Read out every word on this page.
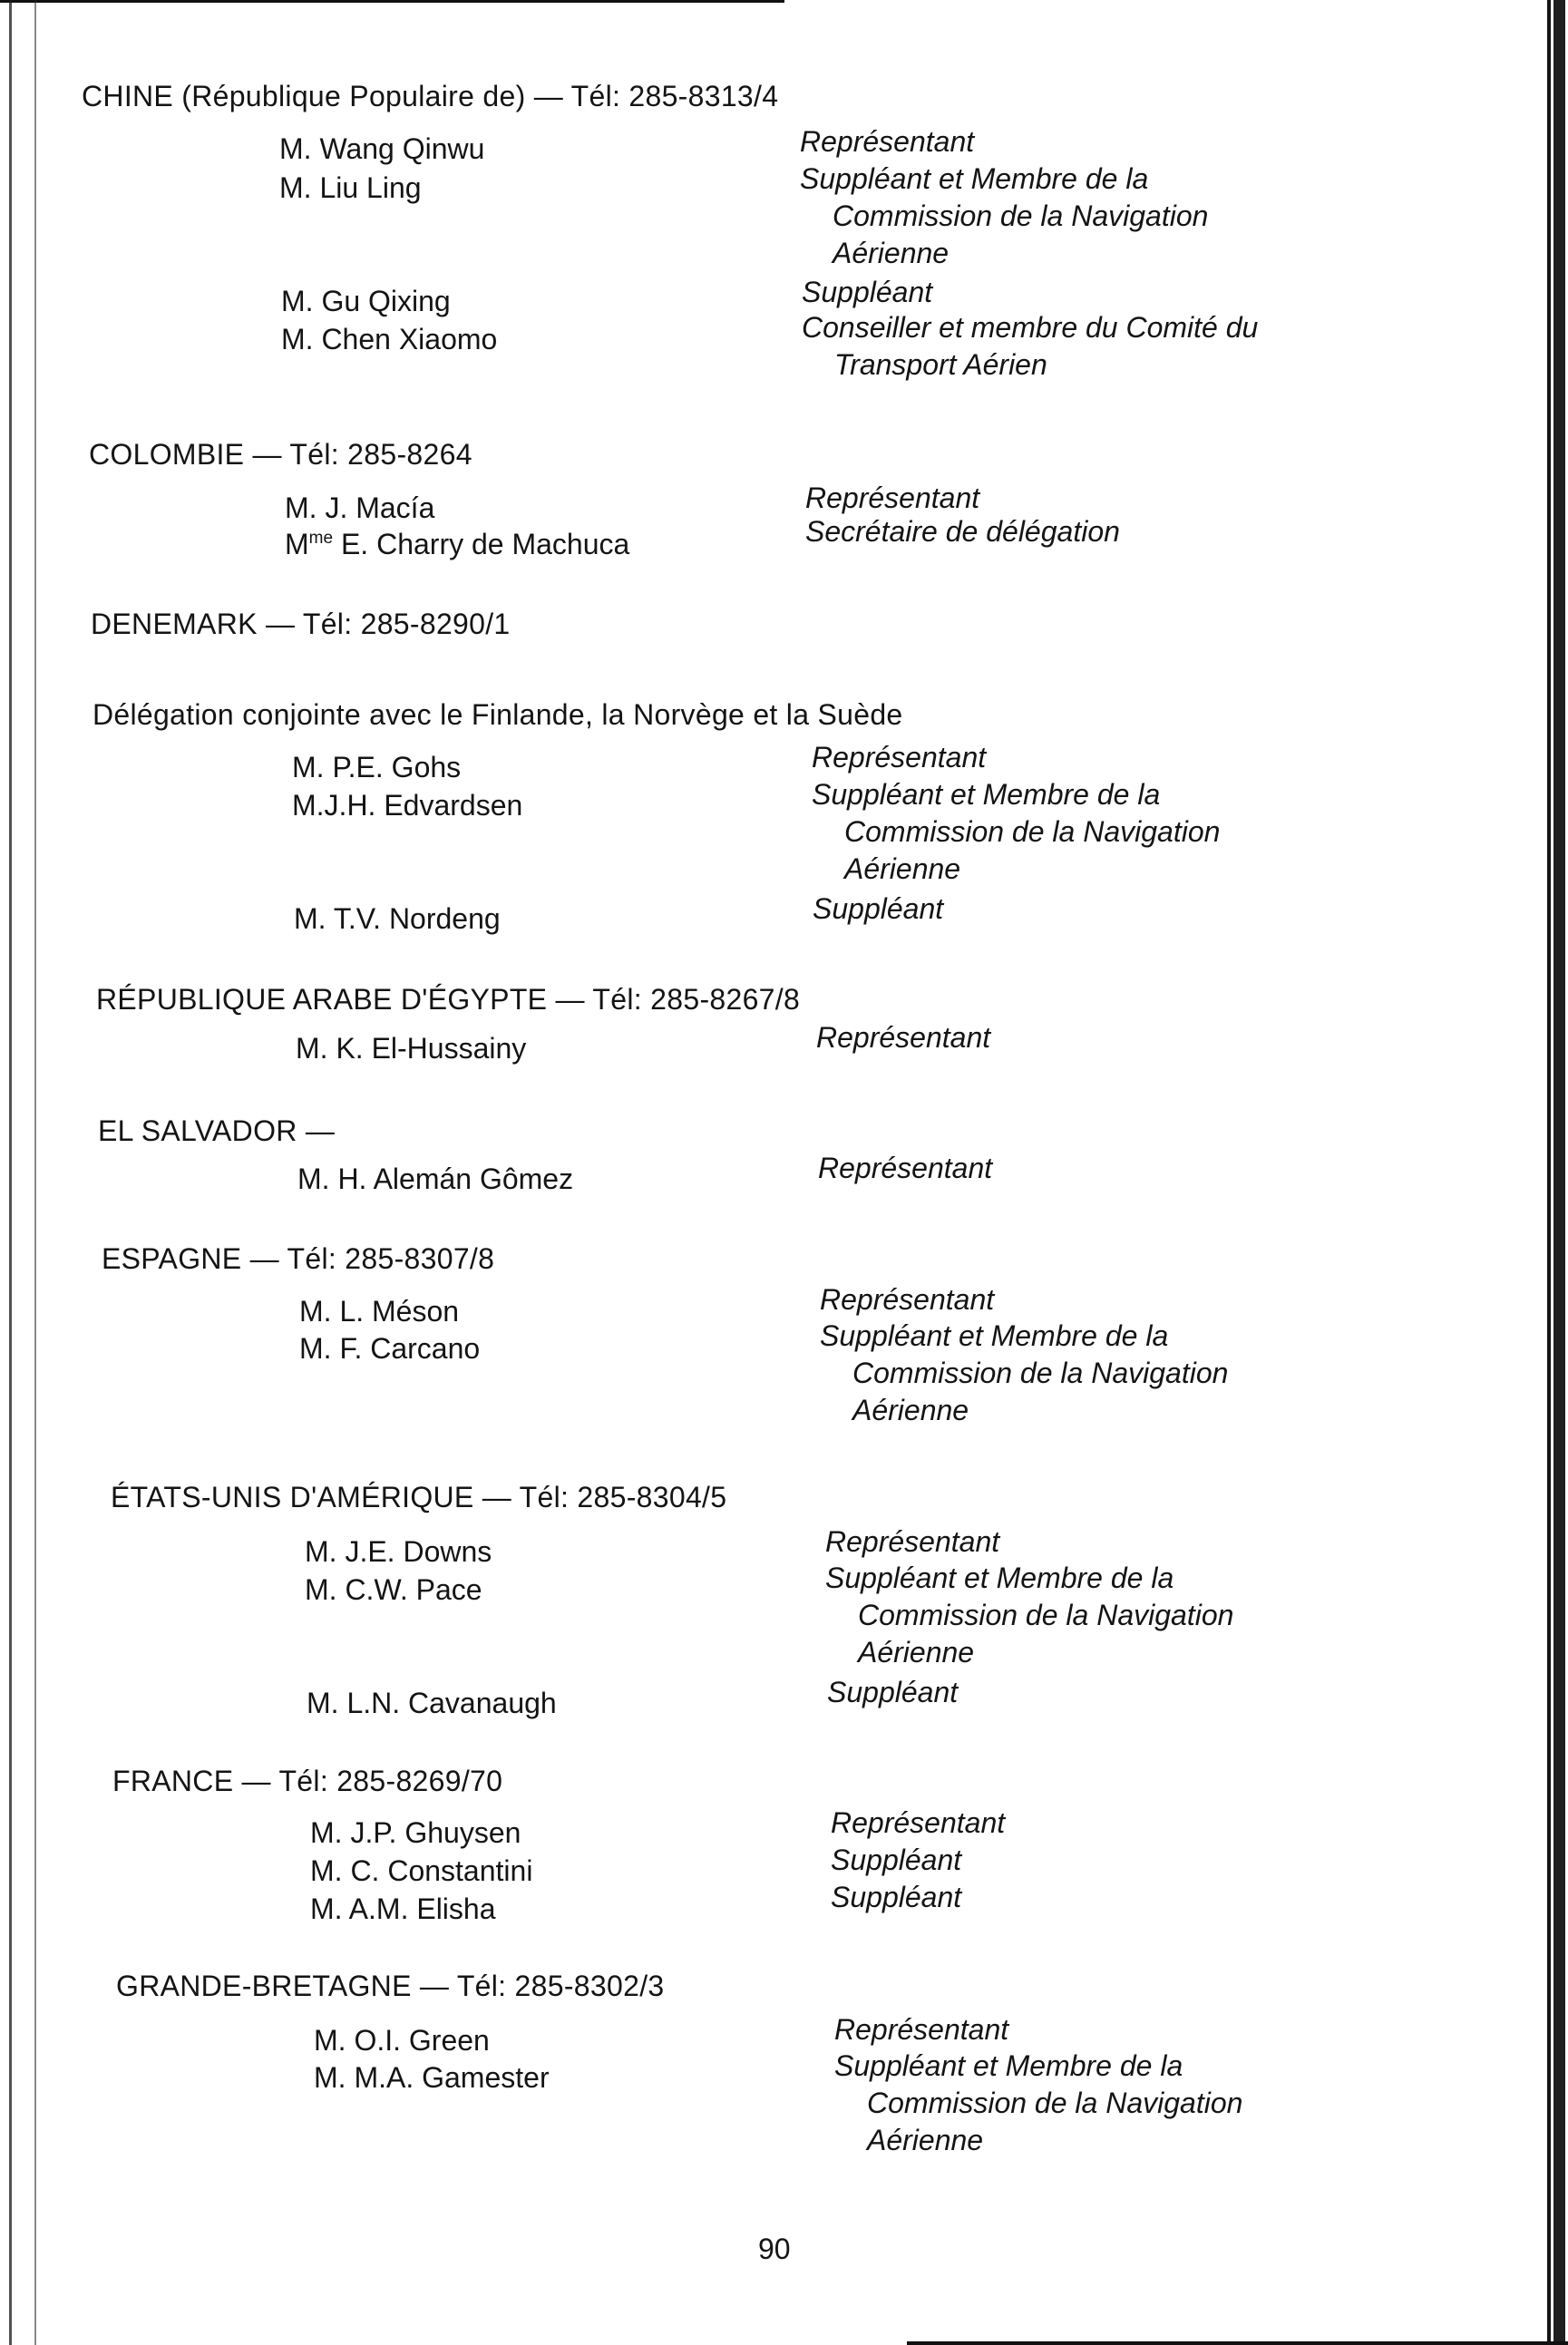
CHINE (République Populaire de) — Tél: 285-8313/4
M. Wang Qinwu	Représentant
M. Liu Ling	Suppléant et Membre de la
Commission de la Navigation
Aérienne
M. Gu Qixing	Suppléant
M. Chen Xiaomo	Conseiller et membre du Comité du
Transport Aérien
COLOMBIE — Tél: 285-8264
M. J. Macía	Représentant
$M^{me}$ E. Charry de Machuca	Secrétaire de délégation
DENEMARK — Tél: 285-8290/1
Délégation conjointe avec le Finlande, la Norvège et la Suède
M. P.E. Gohs	Représentant
M.J.H. Edvardsen	Suppléant et Membre de la
Commission de la Navigation
Aérienne
M. T.V. Nordeng	Suppléant
RÉPUBLIQUE ARABE D'ÉGYPTE — Tél: 285-8267/8
M. K. El-Hussainy	Représentant
EL SALVADOR —
M. H. Alemán Gômez	Représentant
ESPAGNE — Tél: 285-8307/8
M. L. Méson	Représentant
M. F. Carcano	Suppléant et Membre de la
Commission de la Navigation
Aérienne
ÉTATS-UNIS D'AMÉRIQUE — Tél: 285-8304/5
M. J.E. Downs	Représentant
M. C.W. Pace	Suppléant et Membre de la
Commission de la Navigation
Aérienne
M. L.N. Cavanaugh	Suppléant
FRANCE — Tél: 285-8269/70
M. J.P. Ghuysen	Représentant
M. C. Constantini	Suppléant
M. A.M. Elisha	Suppléant
GRANDE-BRETAGNE — Tél: 285-8302/3
M. O.I. Green	Représentant
M. M.A. Gamester	Suppléant et Membre de la
Commission de la Navigation
Aérienne
90
